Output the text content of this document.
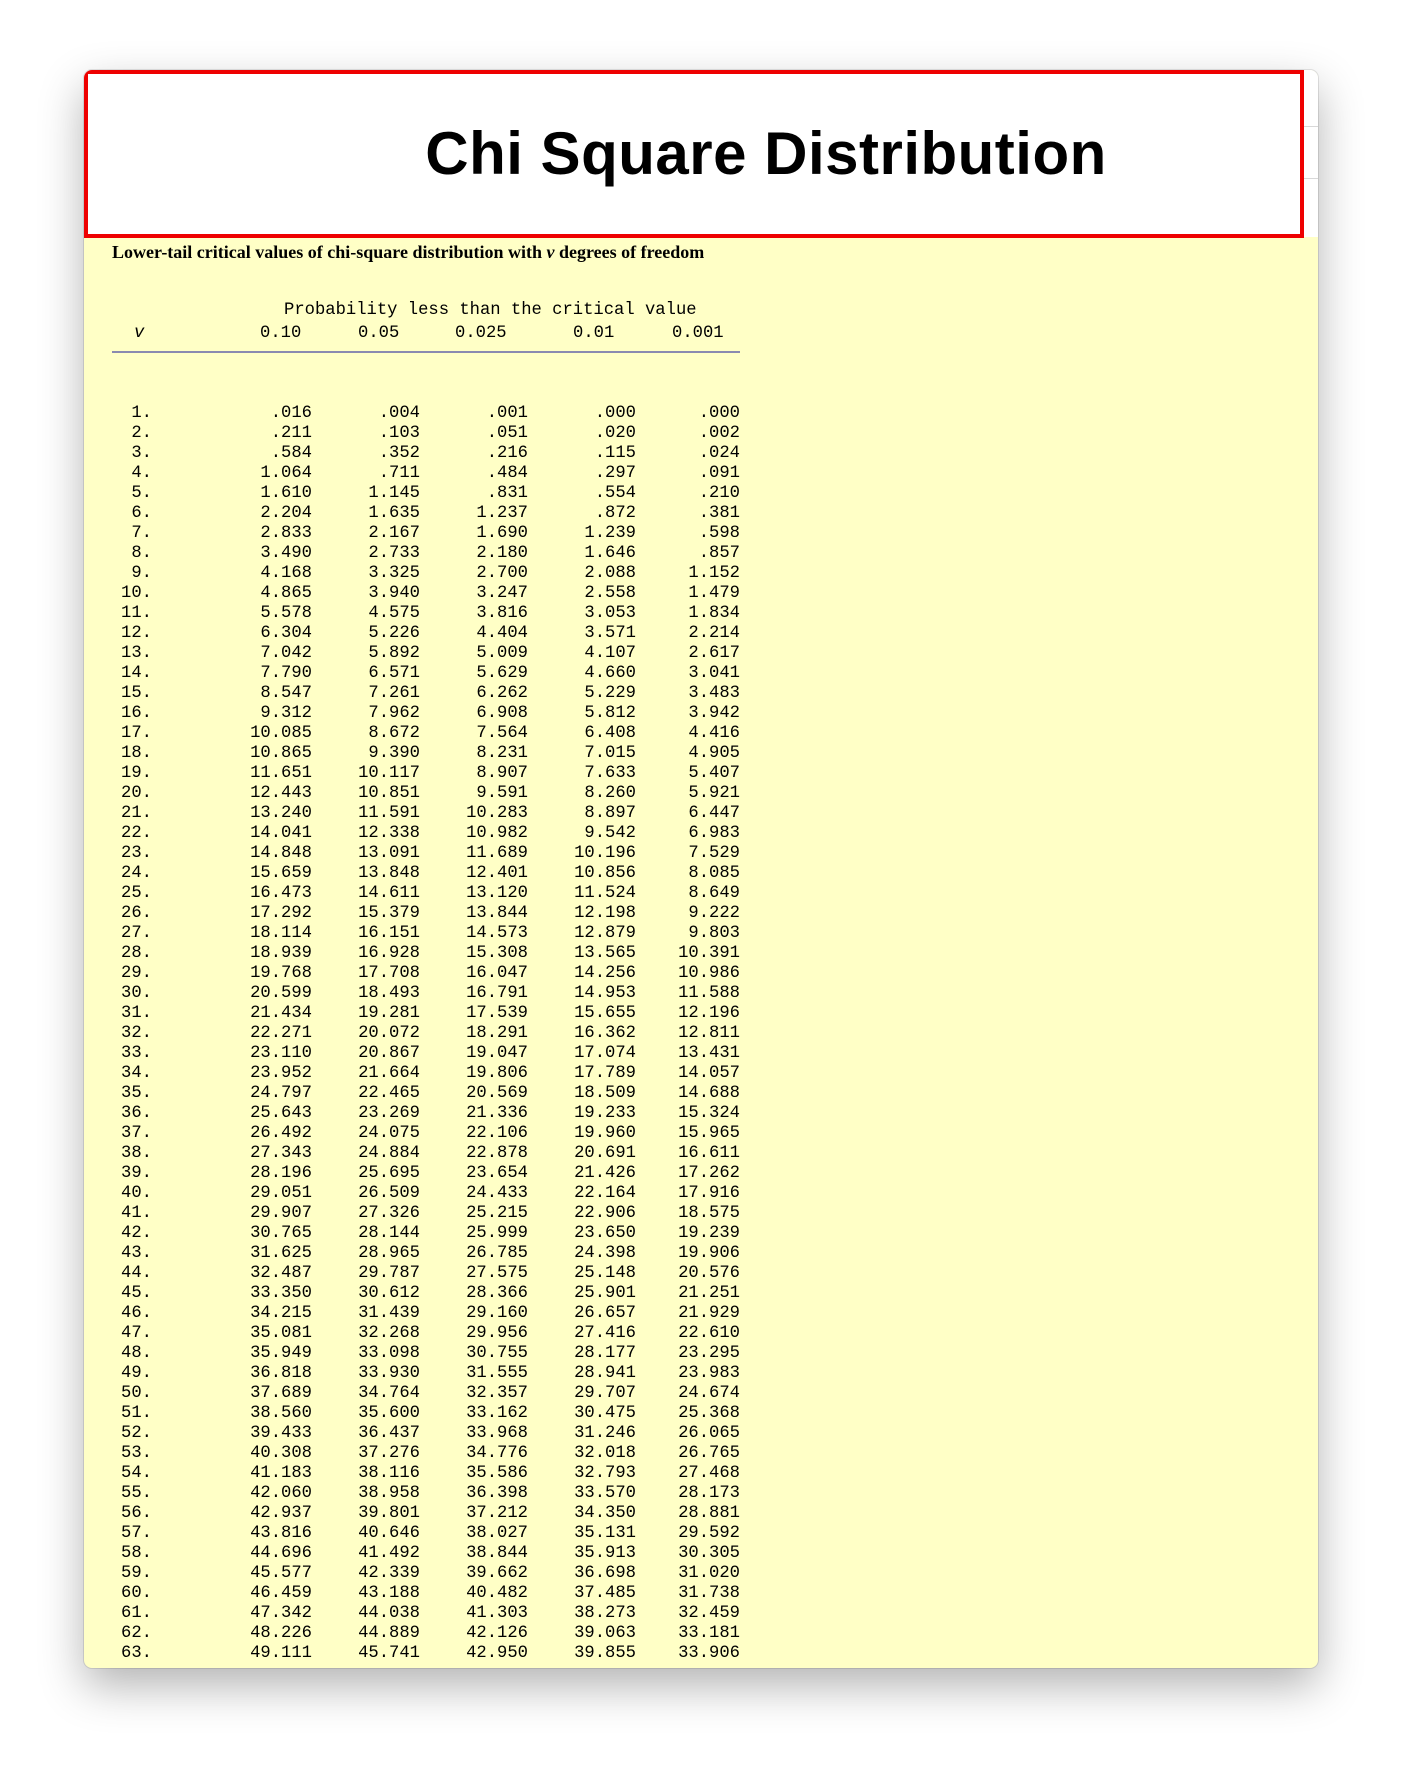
Chi Square Distribution
Lower-tail critical values of chi-square distribution with v degrees of freedom
Probability less than the critical value
v	0.10	0.05	0.025	0.01	0.001
1.	.016	.004	.001	.000	.000
2.	.211	.103	.051	.020	.002
3.	.584	.352	.216	.115	.024
4.	1.064	.711	.484	.297	.091
5.	1.610	1.145	.831	.554	.210
6.	2.204	1.635	1.237	.872	.381
7.	2.833	2.167	1.690	1.239	.598
8.	3.490	2.733	2.180	1.646	.857
9.	4.168	3.325	2.700	2.088	1.152
10.	4.865	3.940	3.247	2.558	1.479
11.	5.578	4.575	3.816	3.053	1.834
12.	6.304	5.226	4.404	3.571	2.214
13.	7.042	5.892	5.009	4.107	2.617
14.	7.790	6.571	5.629	4.660	3.041
15.	8.547	7.261	6.262	5.229	3.483
16.	9.312	7.962	6.908	5.812	3.942
17.	10.085	8.672	7.564	6.408	4.416
18.	10.865	9.390	8.231	7.015	4.905
19.	11.651	10.117	8.907	7.633	5.407
20.	12.443	10.851	9.591	8.260	5.921
21.	13.240	11.591	10.283	8.897	6.447
22.	14.041	12.338	10.982	9.542	6.983
23.	14.848	13.091	11.689	10.196	7.529
24.	15.659	13.848	12.401	10.856	8.085
25.	16.473	14.611	13.120	11.524	8.649
26.	17.292	15.379	13.844	12.198	9.222
27.	18.114	16.151	14.573	12.879	9.803
28.	18.939	16.928	15.308	13.565	10.391
29.	19.768	17.708	16.047	14.256	10.986
30.	20.599	18.493	16.791	14.953	11.588
31.	21.434	19.281	17.539	15.655	12.196
32.	22.271	20.072	18.291	16.362	12.811
33.	23.110	20.867	19.047	17.074	13.431
34.	23.952	21.664	19.806	17.789	14.057
35.	24.797	22.465	20.569	18.509	14.688
36.	25.643	23.269	21.336	19.233	15.324
37.	26.492	24.075	22.106	19.960	15.965
38.	27.343	24.884	22.878	20.691	16.611
39.	28.196	25.695	23.654	21.426	17.262
40.	29.051	26.509	24.433	22.164	17.916
41.	29.907	27.326	25.215	22.906	18.575
42.	30.765	28.144	25.999	23.650	19.239
43.	31.625	28.965	26.785	24.398	19.906
44.	32.487	29.787	27.575	25.148	20.576
45.	33.350	30.612	28.366	25.901	21.251
46.	34.215	31.439	29.160	26.657	21.929
47.	35.081	32.268	29.956	27.416	22.610
48.	35.949	33.098	30.755	28.177	23.295
49.	36.818	33.930	31.555	28.941	23.983
50.	37.689	34.764	32.357	29.707	24.674
51.	38.560	35.600	33.162	30.475	25.368
52.	39.433	36.437	33.968	31.246	26.065
53.	40.308	37.276	34.776	32.018	26.765
54.	41.183	38.116	35.586	32.793	27.468
55.	42.060	38.958	36.398	33.570	28.173
56.	42.937	39.801	37.212	34.350	28.881
57.	43.816	40.646	38.027	35.131	29.592
58.	44.696	41.492	38.844	35.913	30.305
59.	45.577	42.339	39.662	36.698	31.020
60.	46.459	43.188	40.482	37.485	31.738
61.	47.342	44.038	41.303	38.273	32.459
62.	48.226	44.889	42.126	39.063	33.181
63.	49.111	45.741	42.950	39.855	33.906
